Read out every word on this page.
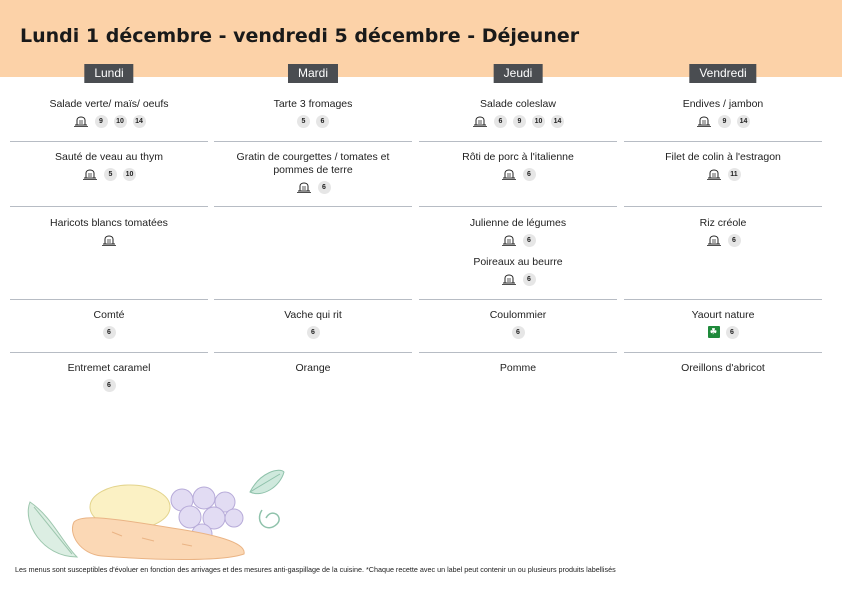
Lundi 1 décembre - vendredi 5 décembre - Déjeuner
Lundi
Salade verte/ maïs/ oeufs
9	10	14
Sauté de veau au thym
5	10
Haricots blancs tomatées
Comté
6
Entremet caramel
6
Mardi
Tarte 3 fromages
5	6
Gratin de courgettes / tomates et pommes de terre
6
Vache qui rit
6
Orange
Jeudi
Salade coleslaw
6	9	10	14
Rôti de porc à l'italienne
6
Julienne de légumes
6
Poireaux au beurre
6
Coulommier
6
Pomme
Vendredi
Endives / jambon
9	14
Filet de colin à l'estragon
11
Riz créole
6
Yaourt nature
☘	6
Oreillons d'abricot
Les menus sont susceptibles d'évoluer en fonction des arrivages et des mesures anti-gaspillage de la cuisine. *Chaque recette avec un label peut contenir un ou plusieurs produits labellisés
